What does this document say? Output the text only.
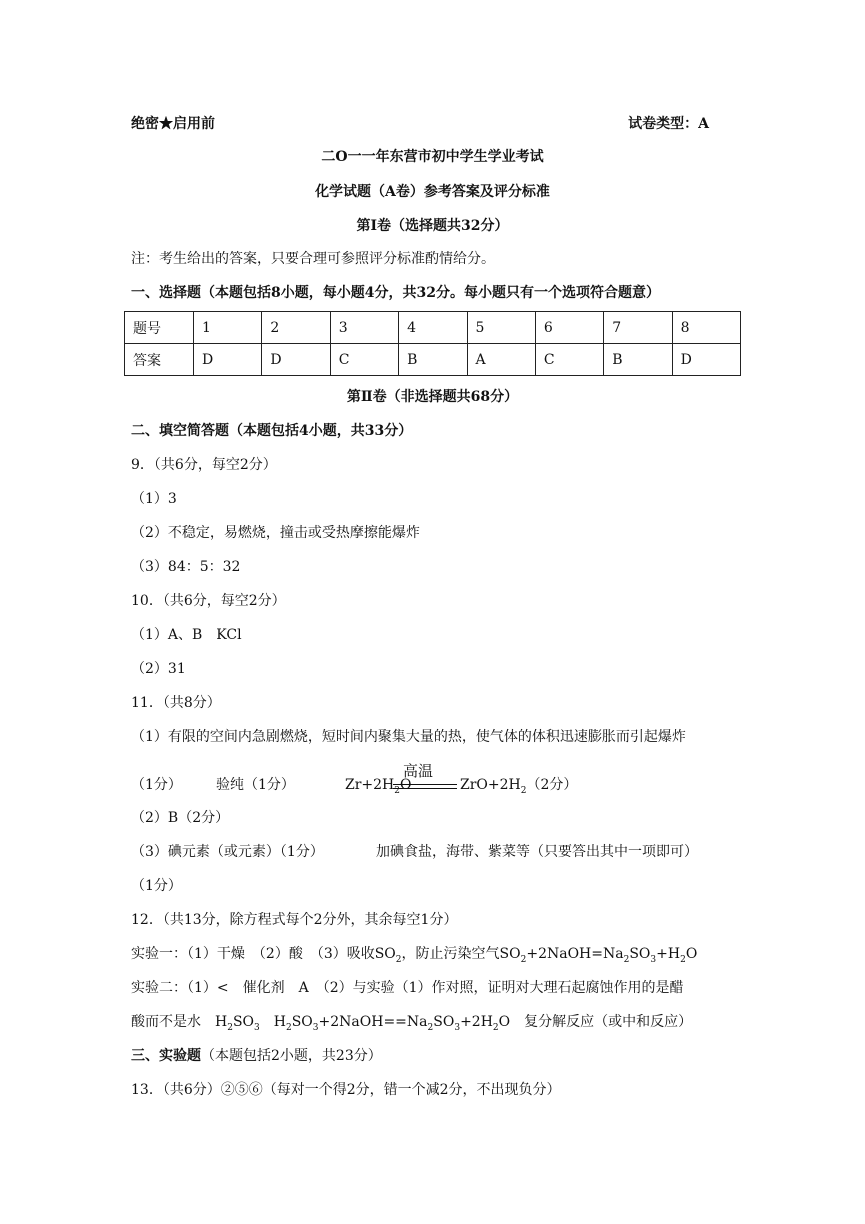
绝密★启用前	试卷类型：A
二O一一年东营市初中学生学业考试
化学试题（A卷）参考答案及评分标准
第Ⅰ卷（选择题共32分）
注：考生给出的答案，只要合理可参照评分标准酌情给分。
一、选择题（本题包括8小题，每小题4分，共32分。每小题只有一个选项符合题意）
题号	1	2	3	4	5	6	7	8
答案	D	D	C	B	A	C	B	D
第Ⅱ卷（非选择题共68分）
二、填空简答题（本题包括4小题，共33分）
9．（共6分，每空2分）
（1）3
（2）不稳定，易燃烧，撞击或受热摩擦能爆炸
（3）84：5：32
10．（共6分，每空2分）
（1）A、B　KCl
（2）31
11．（共8分）
（1）有限的空间内急剧燃烧，短时间内聚集大量的热，使气体的体积迅速膨胀而引起爆炸
（1分） 验纯（1分）
高温
$Zr+2H_2O$	$ZrO+2H_2(2$分）
（2）B（2分）
（3）碘元素（或元素）（1分）	加碘食盐，海带、紫菜等（只要答出其中一项即可）
（1分）
12．（共13分，除方程式每个2分外，其余每空1分）
实验一：（1）干燥　（2）酸　（3）吸收$SO_2$，防止污染空气$SO_2+2NaOH=Na_2SO_3+H_2O$
实验二：（1）<　催化剂　A　（2）与实验（1）作对照，证明对大理石起腐蚀作用的是醋
酸而不是水　$H_2SO_3$　$H_2SO_3+2NaOH==Na_2SO_3+2H_2O$　复分解反应（或中和反应）
三、实验题（本题包括2小题，共23分）
13．（共6分）②⑤⑥（每对一个得2分，错一个减2分，不出现负分）
